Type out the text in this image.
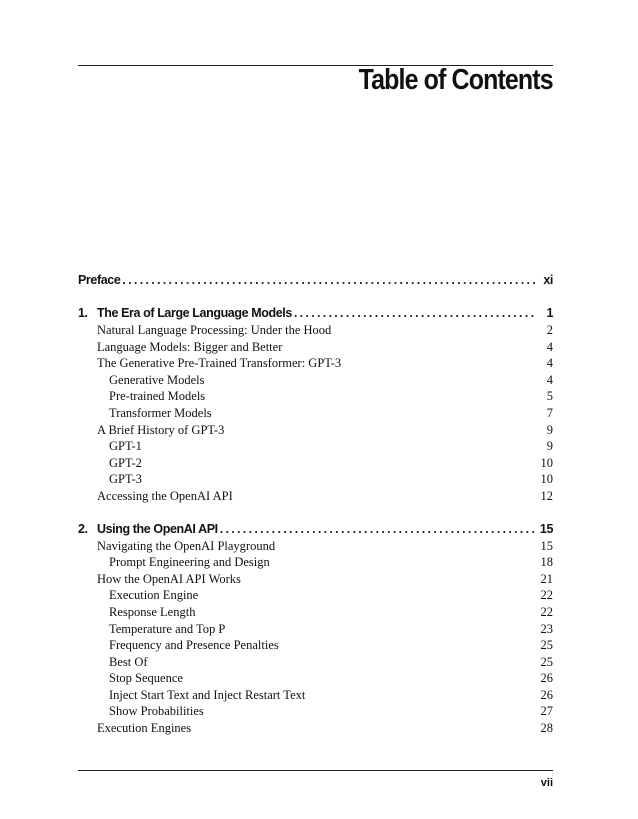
Table of Contents
Preface .....	xi
1. The Era of Large Language Models .....	1
Natural Language Processing: Under the Hood	2
Language Models: Bigger and Better	4
The Generative Pre-Trained Transformer: GPT-3	4
Generative Models	4
Pre-trained Models	5
Transformer Models	7
A Brief History of GPT-3	9
GPT-1	9
GPT-2	10
GPT-3	10
Accessing the OpenAI API	12
2. Using the OpenAI API .....	15
Navigating the OpenAI Playground	15
Prompt Engineering and Design	18
How the OpenAI API Works	21
Execution Engine	22
Response Length	22
Temperature and Top P	23
Frequency and Presence Penalties	25
Best Of	25
Stop Sequence	26
Inject Start Text and Inject Restart Text	26
Show Probabilities	27
Execution Engines	28
vii
